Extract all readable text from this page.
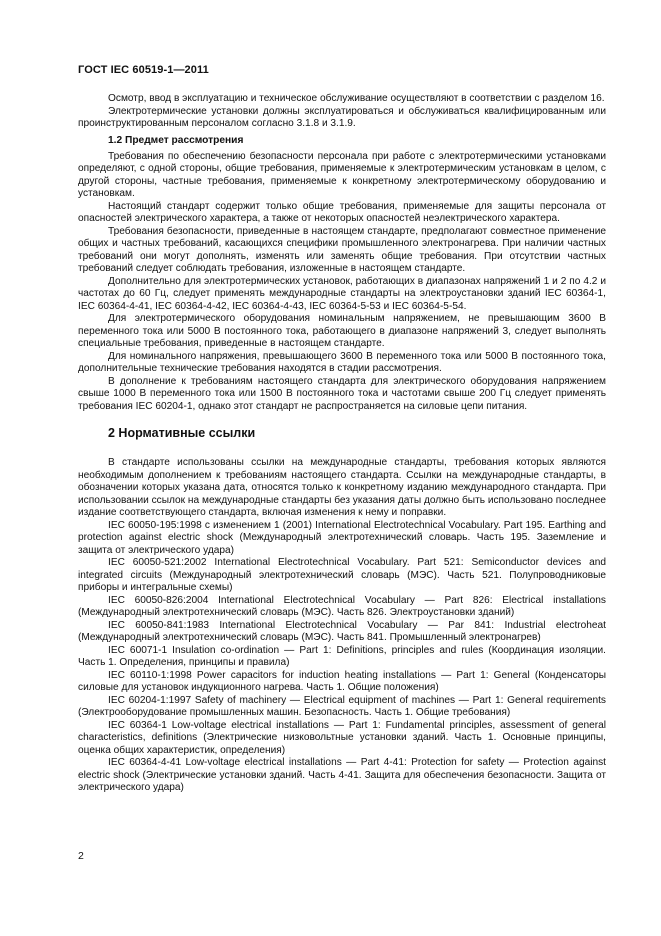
ГОСТ IEC 60519-1—2011

Осмотр, ввод в эксплуатацию и техническое обслуживание осуществляют в соответствии с разделом 16.

Электротермические установки должны эксплуатироваться и обслуживаться квалифицированным или проинструктированным персоналом согласно 3.1.8 и 3.1.9.

1.2 Предмет рассмотрения

Требования по обеспечению безопасности персонала при работе с электротермическими установками определяют, с одной стороны, общие требования, применяемые к электротермическим установкам в целом, с другой стороны, частные требования, применяемые к конкретному электротермическому оборудованию и установкам.

Настоящий стандарт содержит только общие требования, применяемые для защиты персонала от опасностей электрического характера, а также от некоторых опасностей неэлектрического характера.

Требования безопасности, приведенные в настоящем стандарте, предполагают совместное применение общих и частных требований, касающихся специфики промышленного электронагрева. При наличии частных требований они могут дополнять, изменять или заменять общие требования. При отсутствии частных требований следует соблюдать требования, изложенные в настоящем стандарте.

Дополнительно для электротермических установок, работающих в диапазонах напряжений 1 и 2 по 4.2 и частотах до 60 Гц, следует применять международные стандарты на электроустановки зданий IEC 60364-1, IEC 60364-4-41, IEC 60364-4-42, IEC 60364-4-43, IEC 60364-5-53 и IEC 60364-5-54.

Для электротермического оборудования номинальным напряжением, не превышающим 3600 В переменного тока или 5000 В постоянного тока, работающего в диапазоне напряжений 3, следует выполнять специальные требования, приведенные в настоящем стандарте.

Для номинального напряжения, превышающего 3600 В переменного тока или 5000 В постоянного тока, дополнительные технические требования находятся в стадии рассмотрения.

В дополнение к требованиям настоящего стандарта для электрического оборудования напряжением свыше 1000 В переменного тока или 1500 В постоянного тока и частотами свыше 200 Гц следует применять требования IEC 60204-1, однако этот стандарт не распространяется на силовые цепи питания.

2 Нормативные ссылки

В стандарте использованы ссылки на международные стандарты, требования которых являются необходимым дополнением к требованиям настоящего стандарта. Ссылки на международные стандарты, в обозначении которых указана дата, относятся только к конкретному изданию международного стандарта. При использовании ссылок на международные стандарты без указания даты должно быть использовано последнее издание соответствующего стандарта, включая изменения к нему и поправки.

IEC 60050-195:1998 с изменением 1 (2001) International Electrotechnical Vocabulary. Part 195. Earthing and protection against electric shock (Международный электротехнический словарь. Часть 195. Заземление и защита от электрического удара)

IEC 60050-521:2002 International Electrotechnical Vocabulary. Part 521: Semiconductor devices and integrated circuits (Международный электротехнический словарь (МЭС). Часть 521. Полупроводниковые приборы и интегральные схемы)

IEC 60050-826:2004 International Electrotechnical Vocabulary — Part 826: Electrical installations (Международный электротехнический словарь (МЭС). Часть 826. Электроустановки зданий)

IEC 60050-841:1983 International Electrotechnical Vocabulary — Par 841: Industrial electroheat (Международный электротехнический словарь (МЭС). Часть 841. Промышленный электронагрев)

IEC 60071-1 Insulation co-ordination — Part 1: Definitions, principles and rules (Координация изоляции. Часть 1. Определения, принципы и правила)

IEC 60110-1:1998 Power capacitors for induction heating installations — Part 1: General (Конденсаторы силовые для установок индукционного нагрева. Часть 1. Общие положения)

IEC 60204-1:1997 Safety of machinery — Electrical equipment of machines — Part 1: General requirements (Электрооборудование промышленных машин. Безопасность. Часть 1. Общие требования)

IEC 60364-1 Low-voltage electrical installations — Part 1: Fundamental principles, assessment of general characteristics, definitions (Электрические низковольтные установки зданий. Часть 1. Основные принципы, оценка общих характеристик, определения)

IEC 60364-4-41 Low-voltage electrical installations — Part 4-41: Protection for safety — Protection against electric shock (Электрические установки зданий. Часть 4-41. Защита для обеспечения безопасности. Защита от электрического удара)

2
